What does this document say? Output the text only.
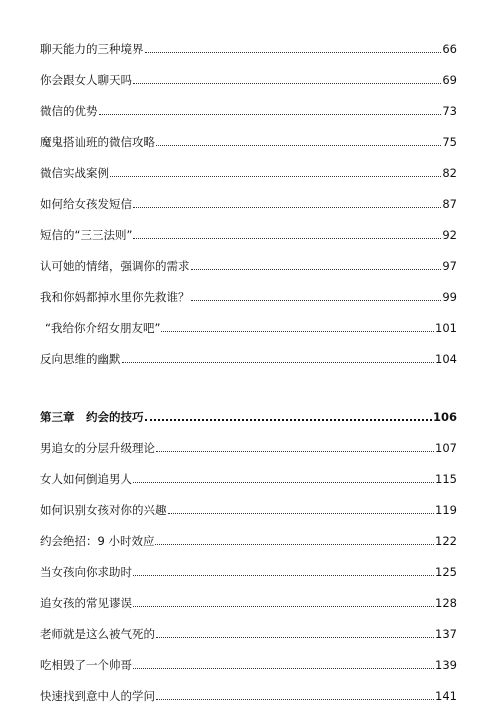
聊天能力的三种境界	66
你会跟女人聊天吗	69
微信的优势	73
魔鬼搭讪班的微信攻略	75
微信实战案例	82
如何给女孩发短信	87
短信的“三三法则”	92
认可她的情绪，强调你的需求	97
我和你妈都掉水里你先救谁？	99
“我给你介绍女朋友吧”	101
反向思维的幽默	104
第三章　约会的技巧	106
男追女的分层升级理论	107
女人如何倒追男人	115
如何识别女孩对你的兴趣	119
约会绝招：9 小时效应	122
当女孩向你求助时	125
追女孩的常见谬误	128
老师就是这么被气死的	137
吃相毁了一个帅哥	139
快速找到意中人的学问	141
